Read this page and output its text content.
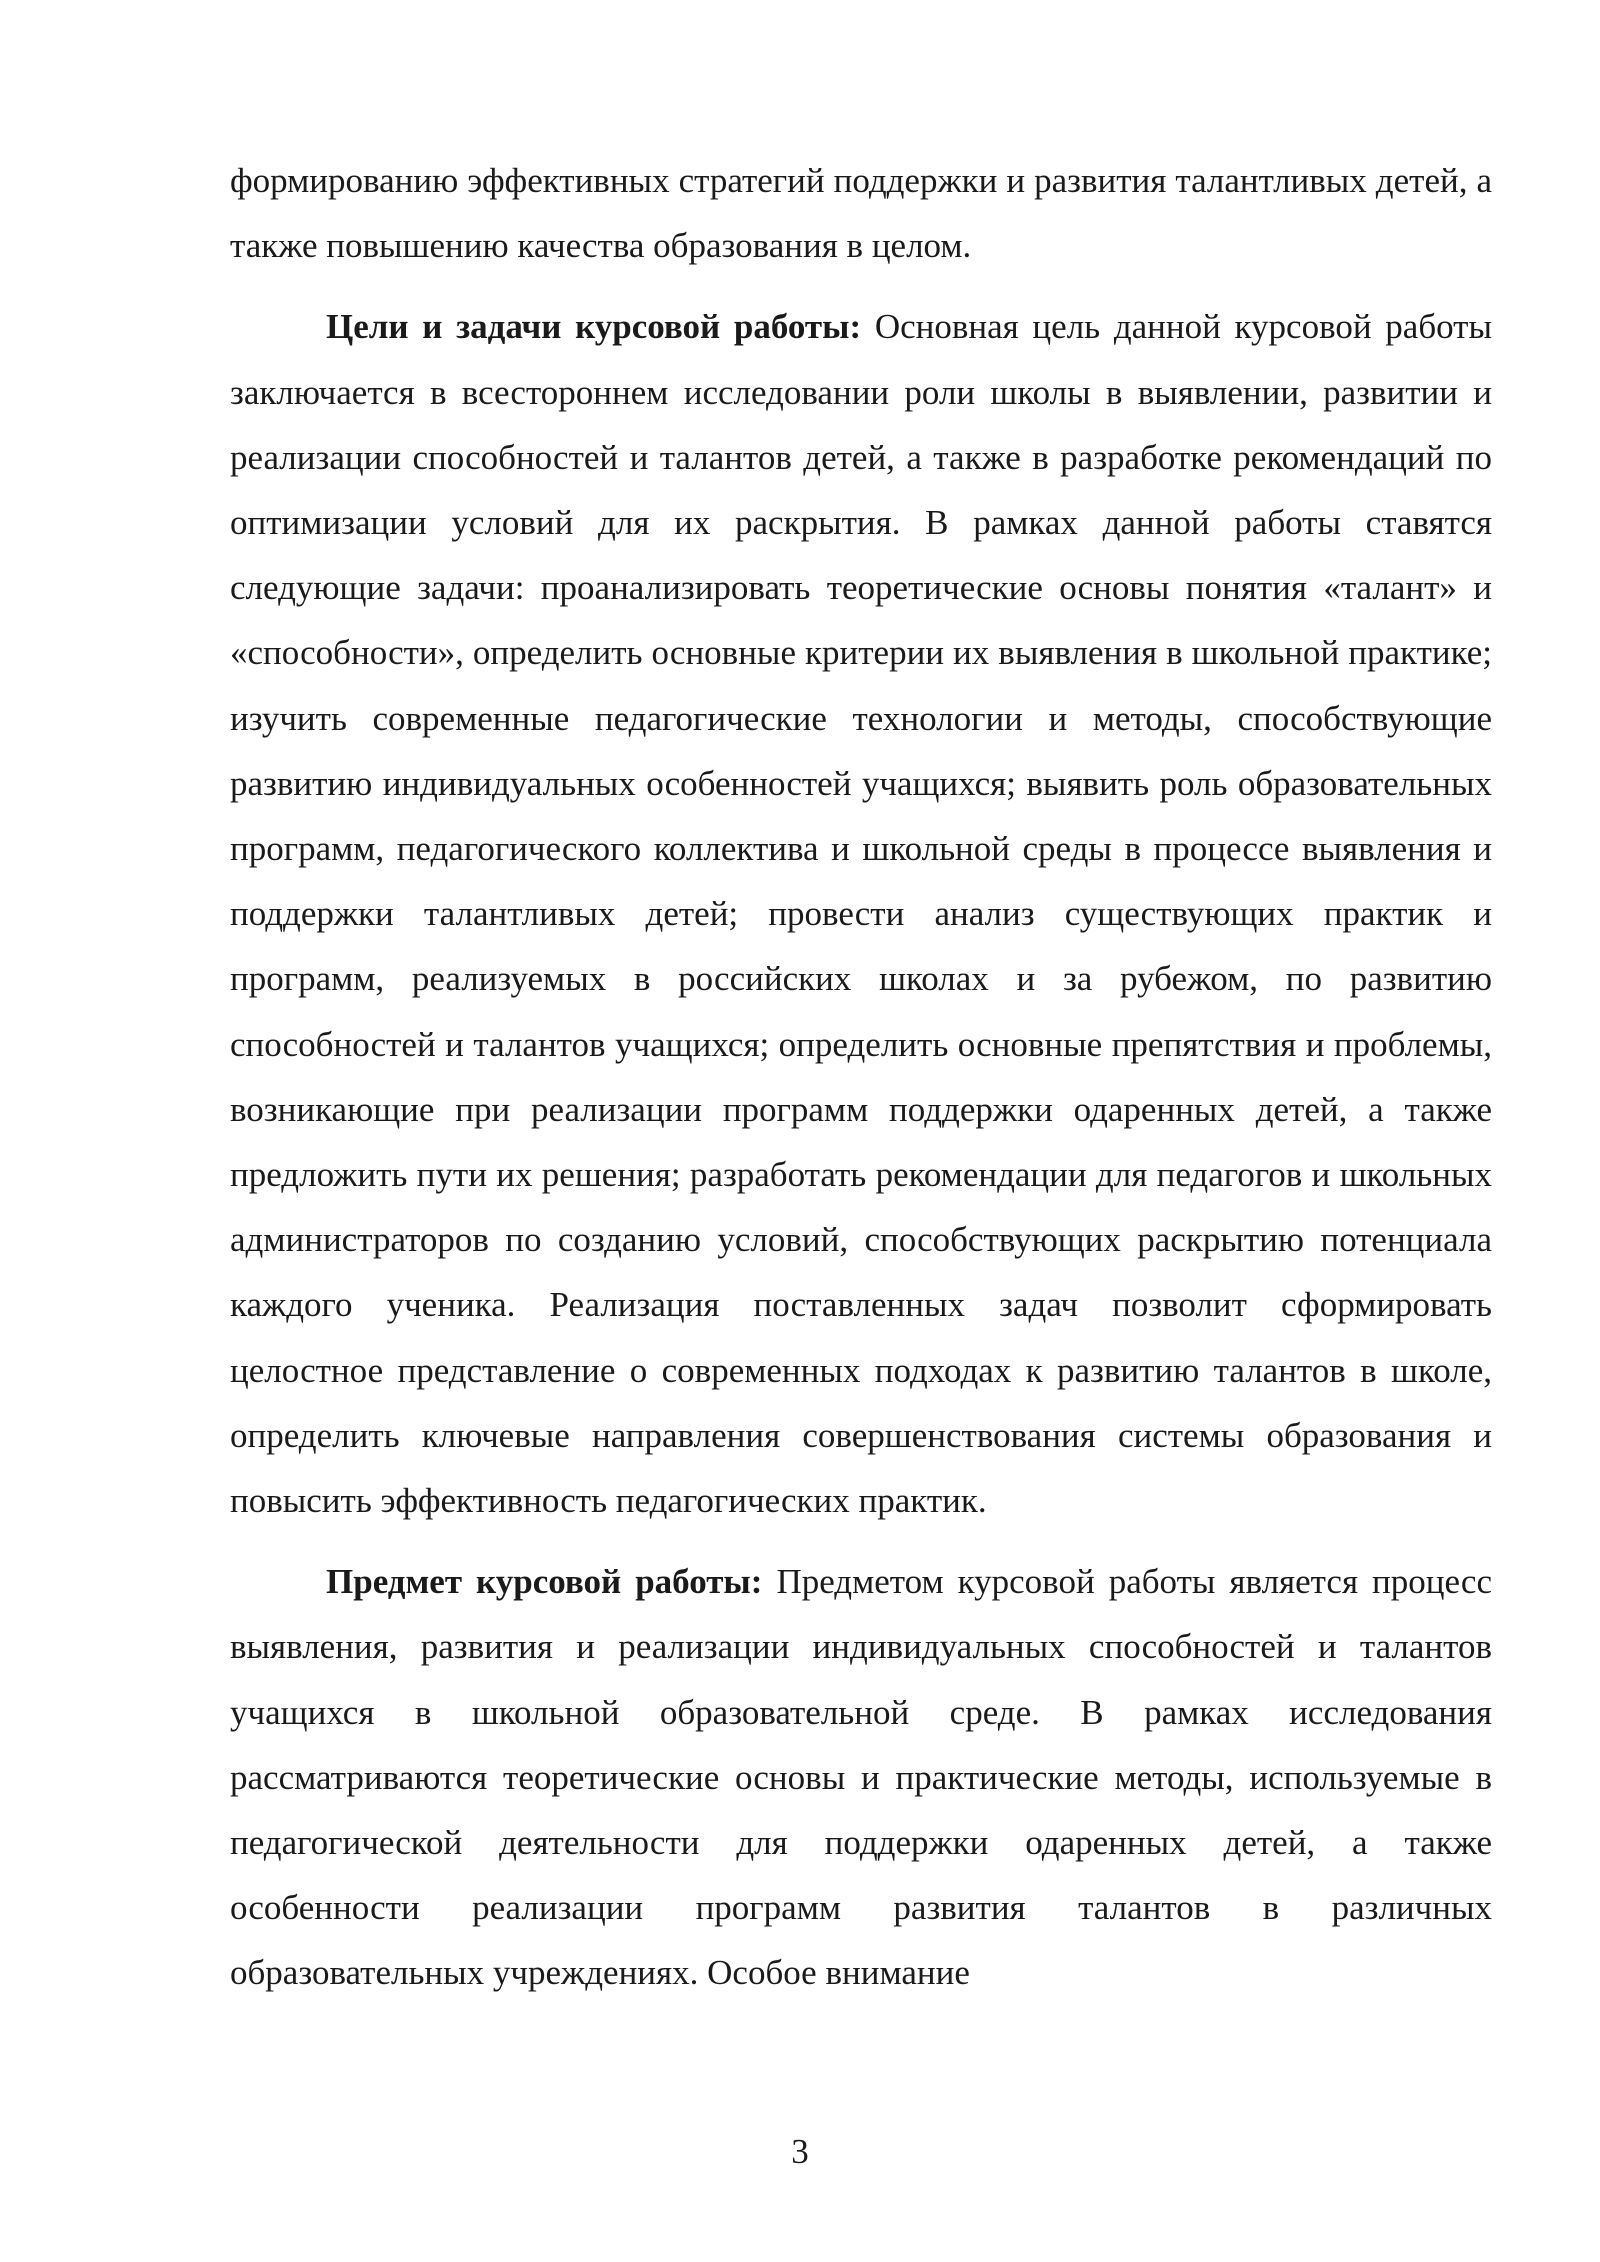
формированию эффективных стратегий поддержки и развития талантливых детей, а также повышению качества образования в целом.

Цели и задачи курсовой работы: Основная цель данной курсовой работы заключается в всестороннем исследовании роли школы в выявлении, развитии и реализации способностей и талантов детей, а также в разработке рекомендаций по оптимизации условий для их раскрытия. В рамках данной работы ставятся следующие задачи: проанализировать теоретические основы понятия «талант» и «способности», определить основные критерии их выявления в школьной практике; изучить современные педагогические технологии и методы, способствующие развитию индивидуальных особенностей учащихся; выявить роль образовательных программ, педагогического коллектива и школьной среды в процессе выявления и поддержки талантливых детей; провести анализ существующих практик и программ, реализуемых в российских школах и за рубежом, по развитию способностей и талантов учащихся; определить основные препятствия и проблемы, возникающие при реализации программ поддержки одаренных детей, а также предложить пути их решения; разработать рекомендации для педагогов и школьных администраторов по созданию условий, способствующих раскрытию потенциала каждого ученика. Реализация поставленных задач позволит сформировать целостное представление о современных подходах к развитию талантов в школе, определить ключевые направления совершенствования системы образования и повысить эффективность педагогических практик.

Предмет курсовой работы: Предметом курсовой работы является процесс выявления, развития и реализации индивидуальных способностей и талантов учащихся в школьной образовательной среде. В рамках исследования рассматриваются теоретические основы и практические методы, используемые в педагогической деятельности для поддержки одаренных детей, а также особенности реализации программ развития талантов в различных образовательных учреждениях. Особое внимание

3
